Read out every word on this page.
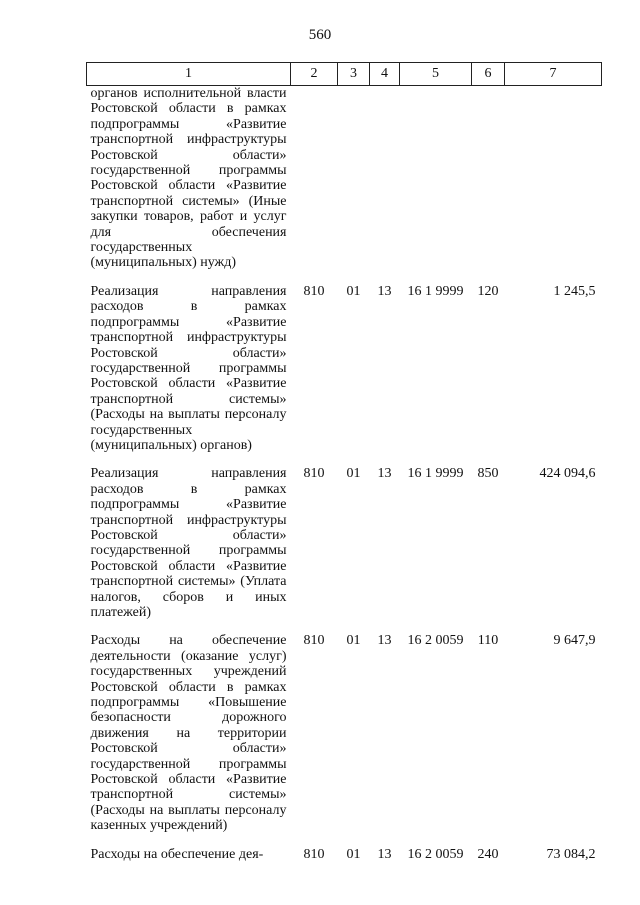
560
1	2	3	4	5	6	7
органов исполнительной власти Ростовской области в рамках подпрограммы «Развитие транспортной инфраструктуры Ростовской области» государственной программы Ростовской области «Развитие транспортной системы» (Иные закупки товаров, работ и услуг для обеспечения государственных (муниципальных) нужд)						
Реализация направления расходов в рамках подпрограммы «Развитие транспортной инфраструктуры Ростовской области» государственной программы Ростовской области «Развитие транспортной системы» (Расходы на выплаты персоналу государственных (муниципальных) органов)	810	01	13	16 1 9999	120	1 245,5
Реализация направления расходов в рамках подпрограммы «Развитие транспортной инфраструктуры Ростовской области» государственной программы Ростовской области «Развитие транспортной системы» (Уплата налогов, сборов и иных платежей)	810	01	13	16 1 9999	850	424 094,6
Расходы на обеспечение деятельности (оказание услуг) государственных учреждений Ростовской области в рамках подпрограммы «Повышение безопасности дорожного движения на территории Ростовской области» государственной программы Ростовской области «Развитие транспортной системы» (Расходы на выплаты персоналу казенных учреждений)	810	01	13	16 2 0059	110	9 647,9
Расходы на обеспечение дея-	810	01	13	16 2 0059	240	73 084,2
